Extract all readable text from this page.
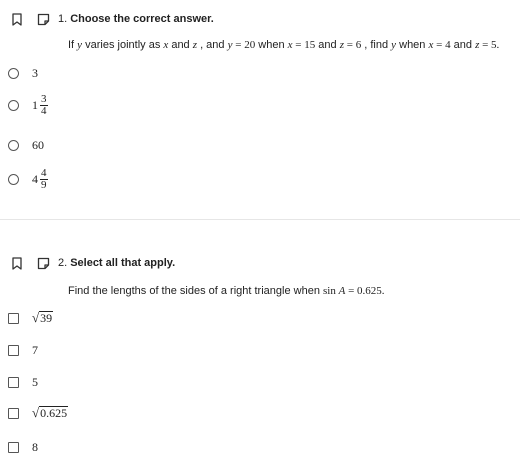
1. Choose the correct answer.
If y varies jointly as x and z , and y = 20 when x = 15 and z = 6 , find y when x = 4 and z = 5.
3
$1 \frac{3}{4}$
60
$4 \frac{4}{9}$
2. Select all that apply.
Find the lengths of the sides of a right triangle when sin A = 0.625.
√ 39
7
5
√ 0.625
8
